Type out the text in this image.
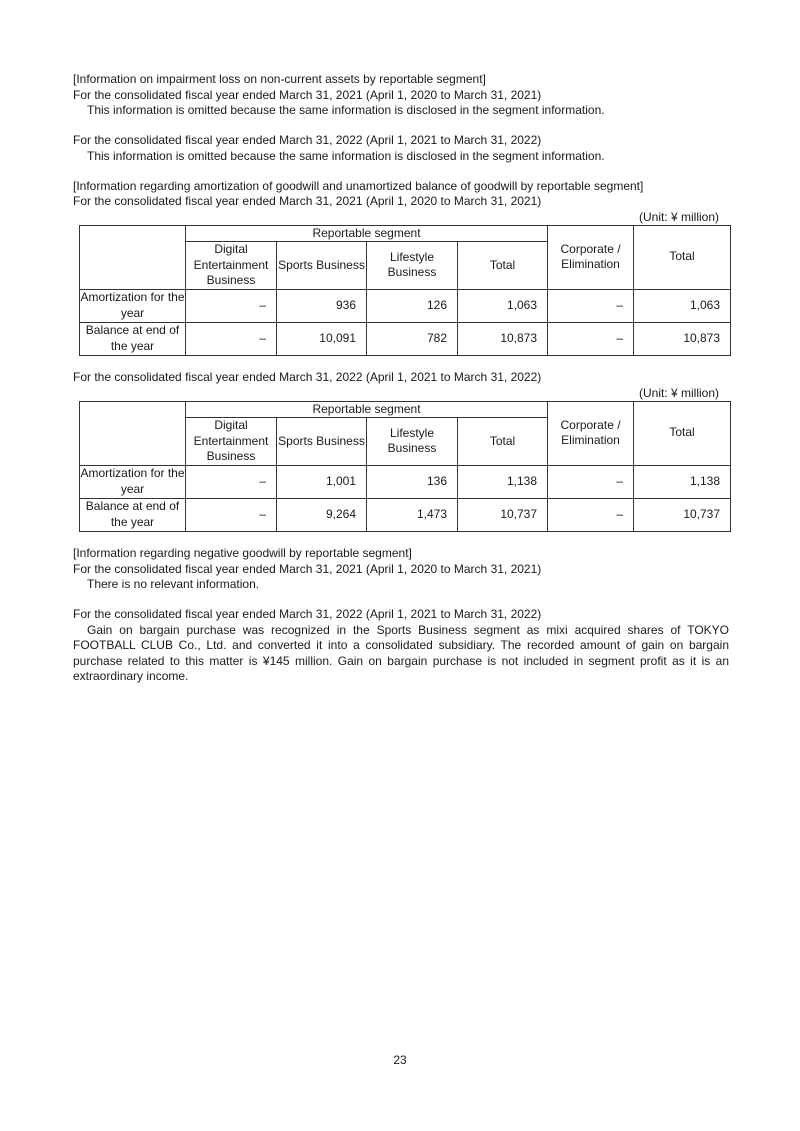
[Information on impairment loss on non-current assets by reportable segment]
For the consolidated fiscal year ended March 31, 2021 (April 1, 2020 to March 31, 2021)
This information is omitted because the same information is disclosed in the segment information.
For the consolidated fiscal year ended March 31, 2022 (April 1, 2021 to March 31, 2022)
This information is omitted because the same information is disclosed in the segment information.
[Information regarding amortization of goodwill and unamortized balance of goodwill by reportable segment]
For the consolidated fiscal year ended March 31, 2021 (April 1, 2020 to March 31, 2021)
(Unit: ¥ million)
	Reportable segment				Corporate / Elimination	Total
	Digital Entertainment Business	Sports Business	Lifestyle Business	Total		
Amortization for the year	–	936	126	1,063	–	1,063
Balance at end of the year	–	10,091	782	10,873	–	10,873
For the consolidated fiscal year ended March 31, 2022 (April 1, 2021 to March 31, 2022)
(Unit: ¥ million)
	Reportable segment				Corporate / Elimination	Total
	Digital Entertainment Business	Sports Business	Lifestyle Business	Total		
Amortization for the year	–	1,001	136	1,138	–	1,138
Balance at end of the year	–	9,264	1,473	10,737	–	10,737
[Information regarding negative goodwill by reportable segment]
For the consolidated fiscal year ended March 31, 2021 (April 1, 2020 to March 31, 2021)
There is no relevant information.
For the consolidated fiscal year ended March 31, 2022 (April 1, 2021 to March 31, 2022)
Gain on bargain purchase was recognized in the Sports Business segment as mixi acquired shares of TOKYO FOOTBALL CLUB Co., Ltd. and converted it into a consolidated subsidiary. The recorded amount of gain on bargain purchase related to this matter is ¥145 million. Gain on bargain purchase is not included in segment profit as it is an extraordinary income.
23
